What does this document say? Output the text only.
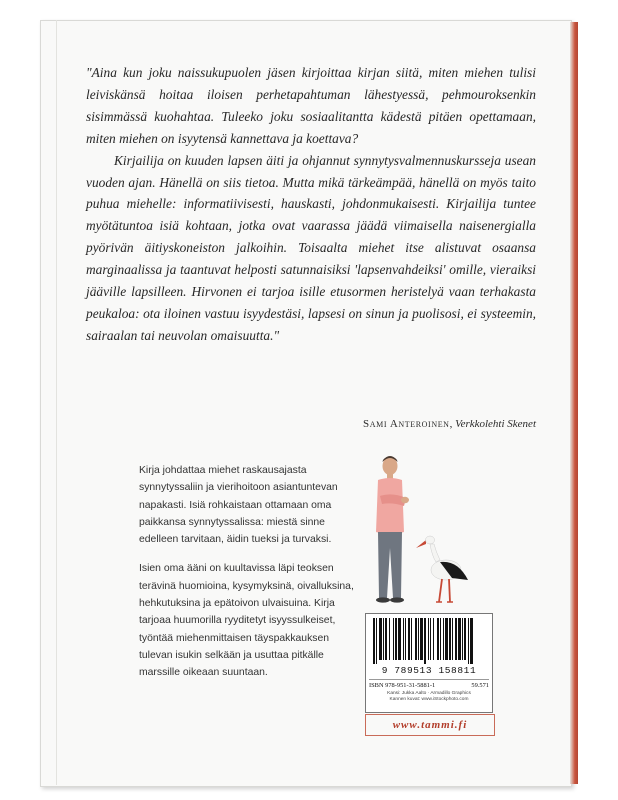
"Aina kun joku naissukupuolen jäsen kirjoittaa kirjan siitä, miten miehen tulisi leiviskänsä hoitaa iloisen perhetapahtuman lähestyessä, pehmouroksenkin sisimmässä kuohahtaa. Tuleeko joku sosiaalitantta kädestä pitäen opettamaan, miten miehen on isyytensä kannettava ja koettava?

Kirjailija on kuuden lapsen äiti ja ohjannut synnytysvalmennuskursseja usean vuoden ajan. Hänellä on siis tietoa. Mutta mikä tärkeämpää, hänellä on myös taito puhua miehelle: informatiivisesti, hauskasti, johdonmukaisesti. Kirjailija tuntee myötätuntoa isiä kohtaan, jotka ovat vaarassa jäädä viimaisella naisenergialla pyörivän äitiyskoneiston jalkoihin. Toisaalta miehet itse alistuvat osaansa marginaalissa ja taantuvat helposti satunnaisiksi 'lapsenvahdeiksi' omille, vieraiksi jääville lapsilleen. Hirvonen ei tarjoa isille etusormen heristelyä vaan terhakasta peukaloa: ota iloinen vastuu isyydestäsi, lapsesi on sinun ja puolisosi, ei systeemin, sairaalan tai neuvolan omaisuutta."

Sami Anteroinen, Verkkolehti Skenet

Kirja johdattaa miehet raskausajasta synnytyssaliin ja vierihoitoon asiantuntevan napakasti. Isiä rohkaistaan ottamaan oma paikkansa synnytyssalissa: miestä sinne edelleen tarvitaan, äidin tueksi ja turvaksi.

Isien oma ääni on kuultavissa läpi teoksen terävinä huomioina, kysymyksinä, oivalluksina, hehkutuksina ja epätoivon ulvaisuina. Kirja tarjoaa huumorilla ryyditetyt isyyssulkeiset, työntää miehenmittaisen täyspakkauksen tulevan isukin selkään ja usuttaa pitkälle marssille oikeaan suuntaan.	9 789513 158811
ISBN 978-951-31-5881-1	59.571
Kansi: Jukka Aalto · Armadillo Graphics
Kannen kuvat: www.iStockphoto.com
www.tammi.fi
